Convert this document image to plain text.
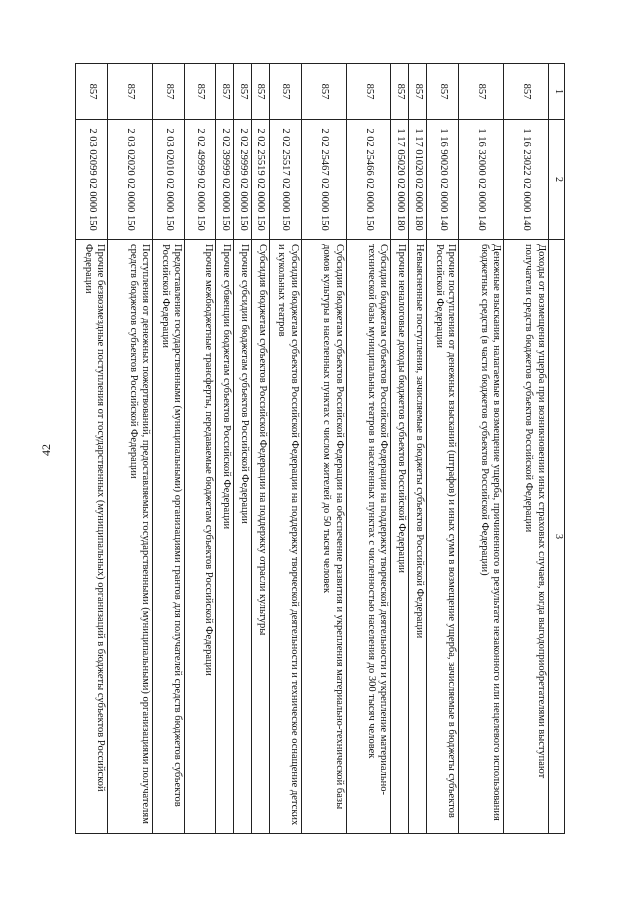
42
1	2	3
857	1 16 23022 02 0000 140	Доходы от возмещения ущерба при возникновении иных страховых случаев, когда выгодоприобретателями выступают получатели средств бюджетов субъектов Российской Федерации
857	1 16 32000 02 0000 140	Денежные взыскания, налагаемые в возмещение ущерба, причиненного в результате незаконного или нецелевого использования бюджетных средств (в части бюджетов субъектов Российской Федерации)
857	1 16 90020 02 0000 140	Прочие поступления от денежных взысканий (штрафов) и иных сумм в возмещение ущерба, зачисляемые в бюджеты субъектов Российской Федерации
857	1 17 01020 02 0000 180	Невыясненные поступления, зачисляемые в бюджеты субъектов Российской Федерации
857	1 17 05020 02 0000 180	Прочие неналоговые доходы бюджетов субъектов Российской Федерации
857	2 02 25466 02 0000 150	Субсидии бюджетам субъектов Российской Федерации на поддержку творческой деятельности и укрепление материально-технической базы муниципальных театров в населенных пунктах с численностью населения до 300 тысяч человек
857	2 02 25467 02 0000 150	Субсидии бюджетам субъектов Российской Федерации на обеспечение развития и укрепления материально-технической базы домов культуры в населенных пунктах с числом жителей до 50 тысяч человек
857	2 02 25517 02 0000 150	Субсидии бюджетам субъектов Российской Федерации на поддержку творческой деятельности и техническое оснащение детских и кукольных театров
857	2 02 25519 02 0000 150	Субсидия бюджетам субъектов Российской Федерации на поддержку отрасли культуры
857	2 02 29999 02 0000 150	Прочие субсидии бюджетам субъектов Российской Федерации
857	2 02 39999 02 0000 150	Прочие субвенции бюджетам субъектов Российской Федерации
857	2 02 49999 02 0000 150	Прочие межбюджетные трансферты, передаваемые бюджетам субъектов Российской Федерации
857	2 03 02010 02 0000 150	Предоставление государственными (муниципальными) организациями грантов для получателей средств бюджетов субъектов Российской Федерации
857	2 03 02020 02 0000 150	Поступления от денежных пожертвований, предоставляемых государственными (муниципальными) организациями получателям средств бюджетов субъектов Российской Федерации
857	2 03 02099 02 0000 150	Прочие безвозмездные поступления от государственных (муниципальных) организаций в бюджеты субъектов Российской Федерации
